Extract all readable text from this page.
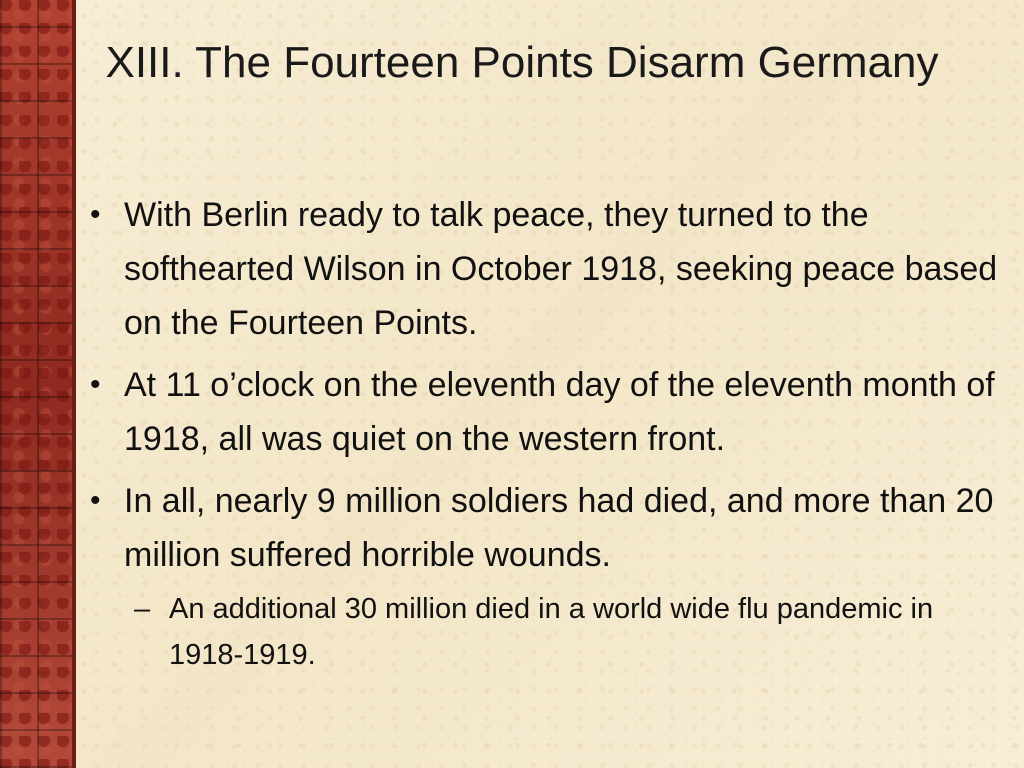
XIII. The Fourteen Points Disarm Germany
• With Berlin ready to talk peace, they turned to the softhearted Wilson in October 1918, seeking peace based on the Fourteen Points.
• At 11 o’clock on the eleventh day of the eleventh month of 1918, all was quiet on the western front.
• In all, nearly 9 million soldiers had died, and more than 20 million suffered horrible wounds.
– An additional 30 million died in a world wide flu pandemic in 1918-1919.
